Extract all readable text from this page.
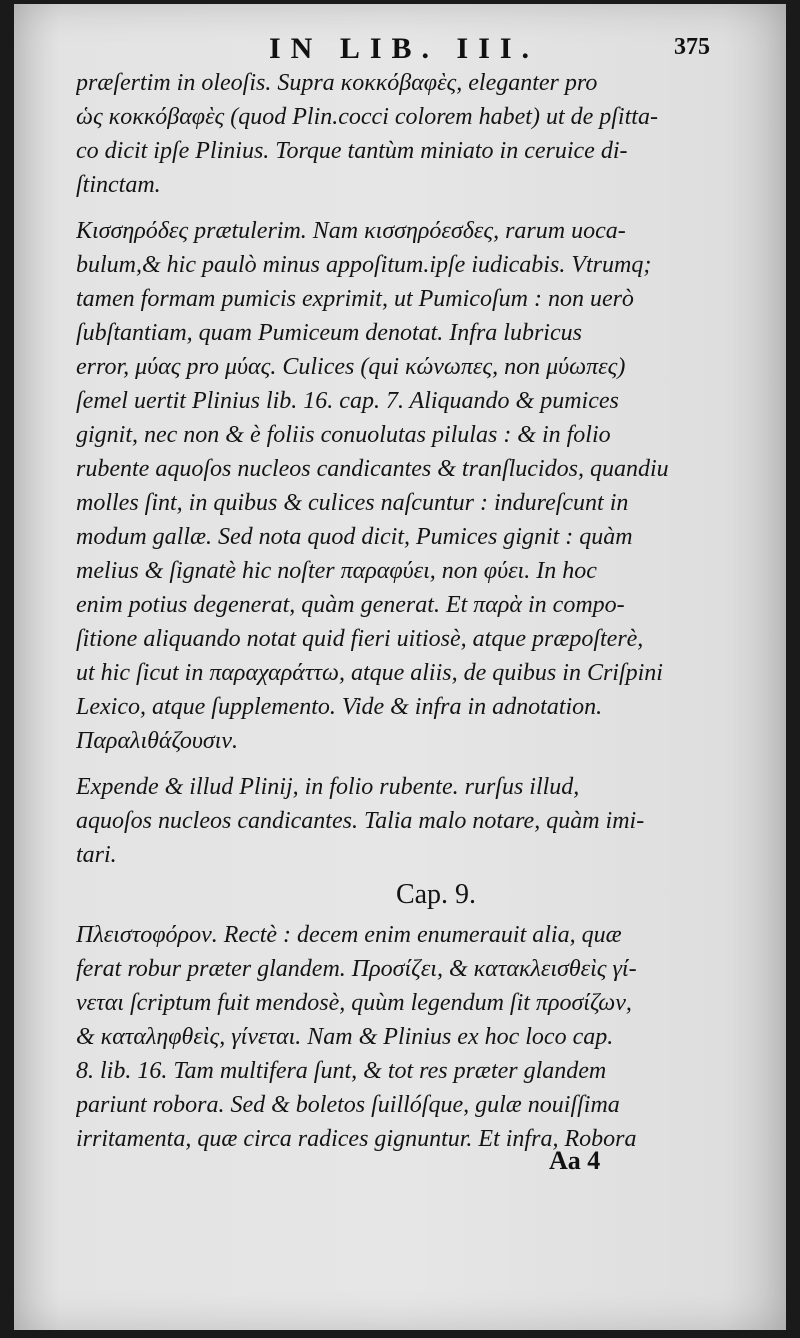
IN LIB. III.	375
præſertim in oleoſis. Supra κοκκόβαφὲς, eleganter pro
ὡς κοκκόβαφὲς (quod Plin.cocci colorem habet) ut de pſitta-
co dicit ipſe Plinius. Torque tantùm miniato in ceruice di-
ſtinctam.
Κισσηρόδες prætulerim. Nam κισσηρόεσδες, rarum uoca-
bulum,& hic paulò minus appoſitum.ipſe iudicabis. Vtrumq;
tamen formam pumicis exprimit, ut Pumicoſum : non uerò
ſubſtantiam, quam Pumiceum denotat. Infra lubricus
error, μύας pro μύας. Culices (qui κώνωπες, non μύωπες)
ſemel uertit Plinius lib. 16. cap. 7. Aliquando & pumices
gignit, nec non & è foliis conuolutas pilulas : & in folio
rubente aquoſos nucleos candicantes & tranſlucidos, quandiu
molles ſint, in quibus & culices naſcuntur : indureſcunt in
modum gallæ. Sed nota quod dicit, Pumices gignit : quàm
melius & ſignatè hic noſter παραφύει, non φύει. In hoc
enim potius degenerat, quàm generat. Et παρὰ in compo-
ſitione aliquando notat quid fieri uitiosè, atque præpoſterè,
ut hic ſicut in παραχαράττω, atque aliis, de quibus in Criſpini
Lexico, atque ſupplemento. Vide & infra in adnotation.
Παραλιθάζουσιν.
Expende & illud Plinij, in folio rubente. rurſus illud,
aquoſos nucleos candicantes. Talia malo notare, quàm imi-
tari.
Cap. 9.
Πλειστοφόρον. Rectè : decem enim enumerauit alia, quæ
ferat robur præter glandem. Προσίζει, & κατακλεισθεὶς γί-
νεται ſcriptum fuit mendosè, quùm legendum ſit προσίζων,
& καταληφθεὶς, γίνεται. Nam & Plinius ex hoc loco cap.
8. lib. 16. Tam multifera ſunt, & tot res præter glandem
pariunt robora. Sed & boletos ſuillóſque, gulæ nouiſſima
irritamenta, quæ circa radices gignuntur. Et infra, Robora
Aa 4
